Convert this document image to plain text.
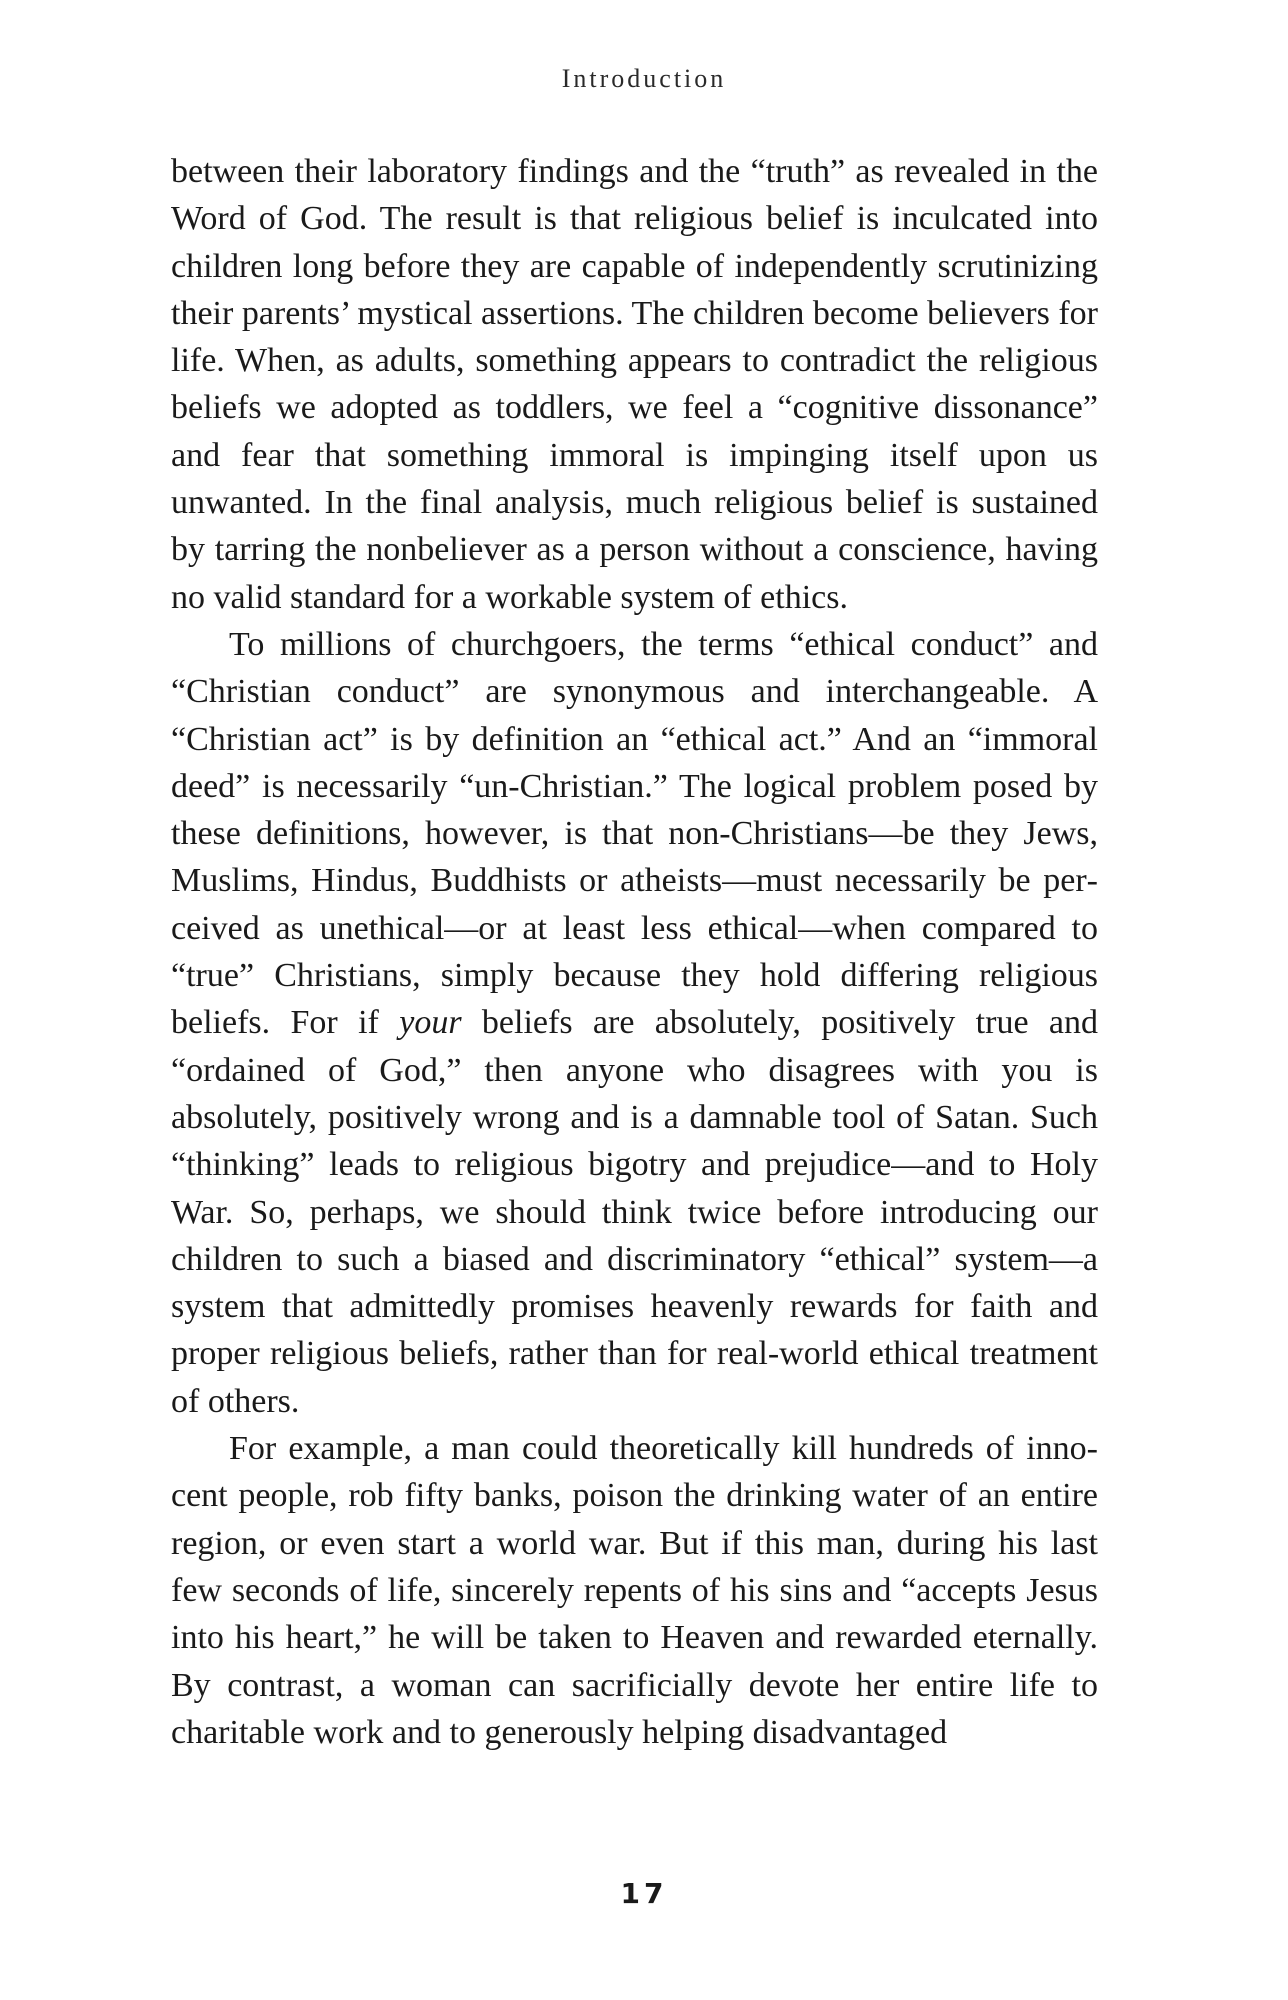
Introduction

between their laboratory findings and the “truth” as revealed in the Word of God. The result is that religious belief is inculcated into children long before they are capable of independently scrutinizing their parents’ mystical assertions. The children become believers for life. When, as adults, something appears to contradict the religious beliefs we adopted as toddlers, we feel a “cognitive dissonance” and fear that something immoral is impinging itself upon us unwanted. In the final analysis, much religious belief is sustained by tarring the nonbeliever as a person without a conscience, having no valid standard for a workable system of ethics.

To millions of churchgoers, the terms “ethical conduct” and “Christian conduct” are synonymous and interchangeable. A “Christian act” is by definition an “ethical act.” And an “immoral deed” is necessarily “un-Christian.” The logical problem posed by these definitions, however, is that non-Christians—be they Jews, Muslims, Hindus, Buddhists or atheists—must necessarily be perceived as unethical—or at least less ethical—when compared to “true” Christians, simply because they hold differing religious beliefs. For if your beliefs are absolutely, positively true and “ordained of God,” then anyone who disagrees with you is absolutely, positively wrong and is a damnable tool of Satan. Such “thinking” leads to religious bigotry and prejudice—and to Holy War. So, perhaps, we should think twice before introducing our children to such a biased and discriminatory “ethical” system—a system that admittedly promises heavenly rewards for faith and proper religious beliefs, rather than for real-world ethical treatment of others.

For example, a man could theoretically kill hundreds of innocent people, rob fifty banks, poison the drinking water of an entire region, or even start a world war. But if this man, during his last few seconds of life, sincerely repents of his sins and “accepts Jesus into his heart,” he will be taken to Heaven and rewarded eternally. By contrast, a woman can sacrificially devote her entire life to charitable work and to generously helping disadvantaged

17
